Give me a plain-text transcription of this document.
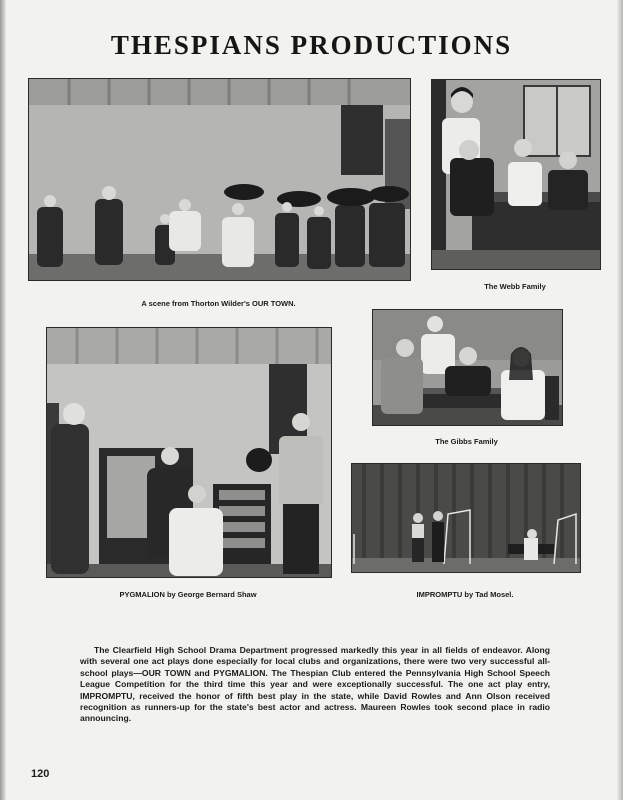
THESPIANS PRODUCTIONS
A scene from Thorton Wilder's OUR TOWN.
The Webb Family
The Gibbs Family
PYGMALION by George Bernard Shaw	IMPROMPTU by Tad Mosel.

The Clearfield High School Drama Department progressed markedly this year in all fields of endeavor. Along with several one act plays done especially for local clubs and organizations, there were two very successful all-school plays—OUR TOWN and PYGMALION. The Thespian Club entered the Pennsylvania High School Speech League Competition for the third time this year and were exceptionally successful. The one act play entry, IMPROMPTU, received the honor of fifth best play in the state, while David Rowles and Ann Olson received recognition as runners-up for the state's best actor and actress. Maureen Rowles took second place in radio announcing.

120
